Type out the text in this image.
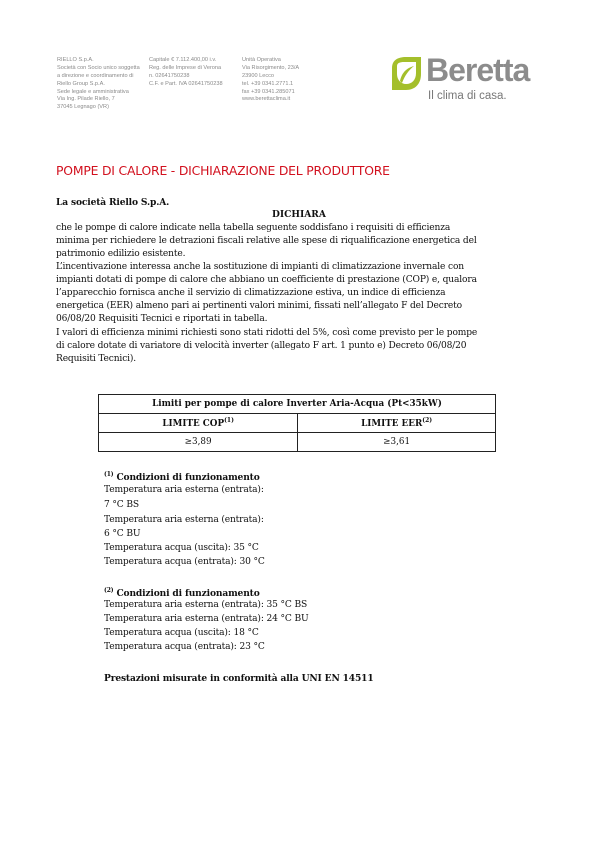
RIELLO S.p.A.
Società con Socio unico soggetta
a direzione e coordinamento di
Riello Group S.p.A.
Sede legale e amministrativa
Via Ing. Pilade Riello, 7
37045 Legnago (VR)
Capitale € 7.112.400,00 i.v.
Reg. delle Imprese di Verona
n. 02641750238
C.F. e Part. IVA 02641750238
Unità Operativa
Via Risorgimento, 23/A
23900 Lecco
tel. +39 0341.2771.1
fax +39 0341.285071
www.berettaclima.it
Beretta
Il clima di casa.
POMPE DI CALORE - DICHIARAZIONE DEL PRODUTTORE
La società Riello S.p.A.
DICHIARA
che le pompe di calore indicate nella tabella seguente soddisfano i requisiti di efficienza
minima per richiedere le detrazioni fiscali relative alle spese di riqualificazione energetica del
patrimonio edilizio esistente.
L’incentivazione interessa anche la sostituzione di impianti di climatizzazione invernale con
impianti dotati di pompe di calore che abbiano un coefficiente di prestazione (COP) e, qualora
l’apparecchio fornisca anche il servizio di climatizzazione estiva, un indice di efficienza
energetica (EER) almeno pari ai pertinenti valori minimi, fissati nell’allegato F del Decreto
06/08/20 Requisiti Tecnici e riportati in tabella.
I valori di efficienza minimi richiesti sono stati ridotti del 5%, così come previsto per le pompe
di calore dotate di variatore di velocità inverter (allegato F art. 1 punto e) Decreto 06/08/20
Requisiti Tecnici).
Limiti per pompe di calore Inverter Aria-Acqua (Pt<35kW)	
LIMITE COP$^{(1)}$	LIMITE $EER^{(2)}$
≥3,89	≥3,61
$^{(1)}$ Condizioni di funzionamento
Temperatura aria esterna (entrata):
7 °C BS
Temperatura aria esterna (entrata):
6 °C BU
Temperatura acqua (uscita): 35 °C
Temperatura acqua (entrata): 30 °C
$^{(2)}$ Condizioni di funzionamento
Temperatura aria esterna (entrata): 35 °C BS
Temperatura aria esterna (entrata): 24 °C BU
Temperatura acqua (uscita): 18 °C
Temperatura acqua (entrata): 23 °C
Prestazioni misurate in conformità alla UNI EN 14511
